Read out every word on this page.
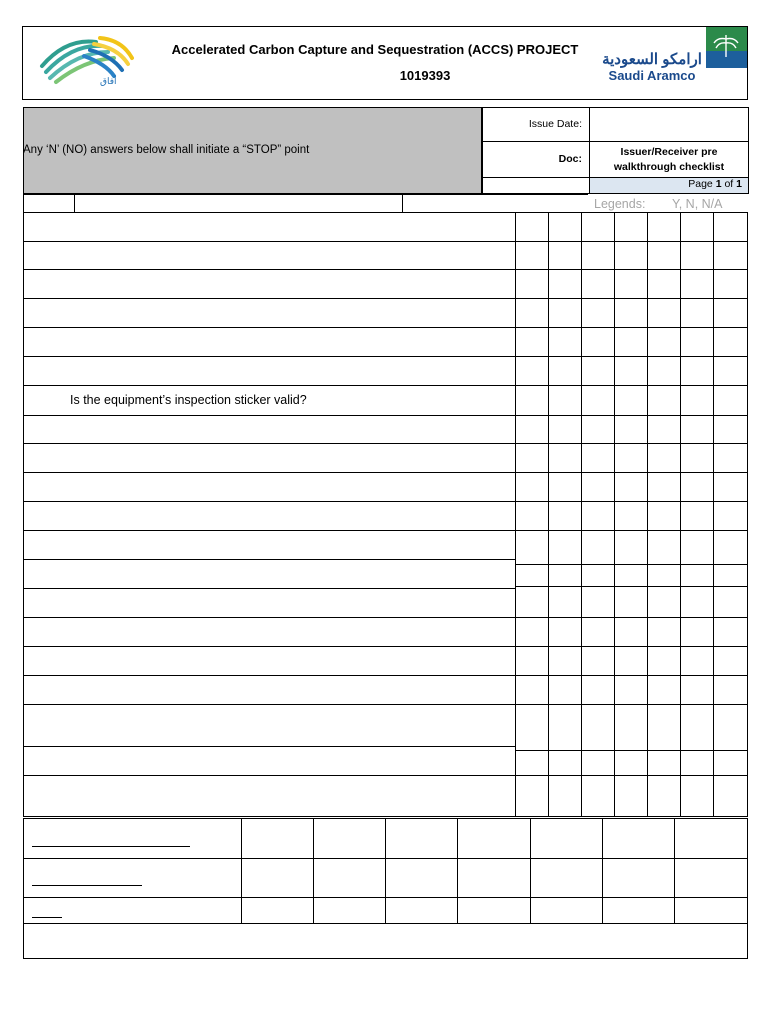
أفاق
Accelerated Carbon Capture and Sequestration (ACCS) PROJECT
1019393
ارامكو السعودية
Saudi Aramco
Any ‘N’ (NO) answers below shall initiate a “STOP” point
Issue Date:
Doc:
Issuer/Receiver pre walkthrough checklist
Page 1 of 1
Legends: Y, N, N/A
Is the equipment’s inspection sticker valid?
